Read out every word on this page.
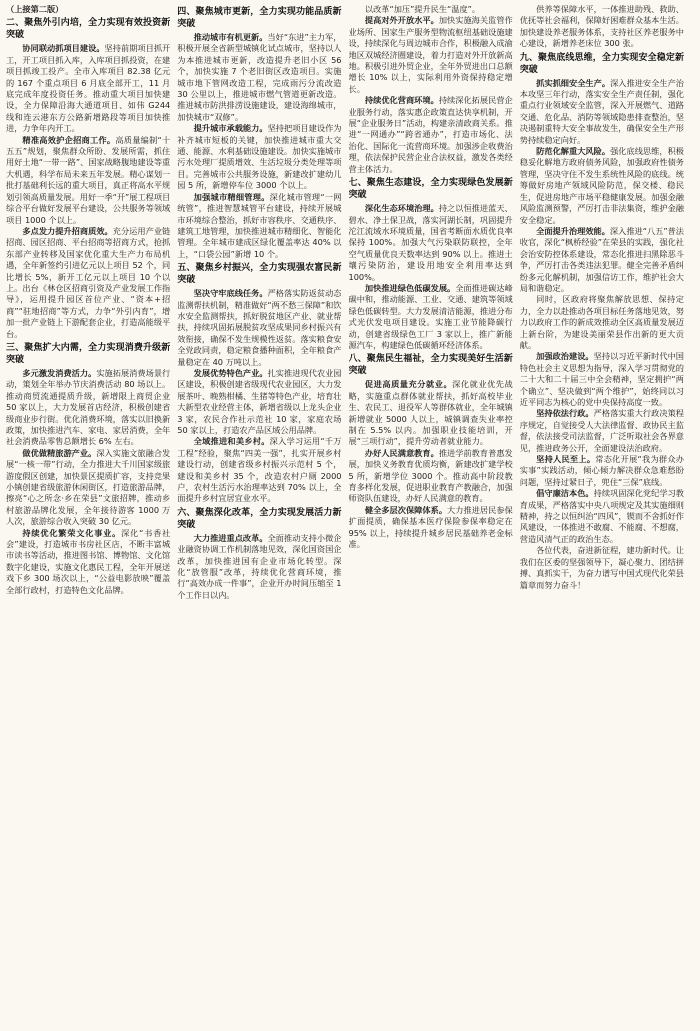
（上接第二版）
二、聚焦外引内培，全力实现有效投资新突破
协同联动抓项目建设。坚持前期项目抓开工，开工项目抓入库，入库项目抓投资，在建项目抓竣工投产。全市入库项目 82.38 亿元的 167 个重点项目 6 月底全部开工，11 月底完成年度投资任务。推动重大项目加快建设，全力保障沿海大通道项目、如伟 G244 线和连云港东方公路新增路段等项目加快推进，力争年内开工。
精准高效护企招商工作。高质量编制“十五五”规划，聚焦群众所盼、发展所需，抓住用好土地“一带一路”、国家战略腹地建设等重大机遇，科学布局未来五年发展。精心谋划一批打基础利长远的重大项目，真正将高水平规划引领高质量发展。用好一季“开”展工程项目综合平台做好发展平台建设，公共服务等领域项目 1000 个以上。
多点发力提升招商质效。充分运用产业链招商、园区招商、平台招商等招商方式，抢抓东部产业转移及国家优化重大生产力布局机遇，全年新签约引进亿元以上项目 52 个，同比增长 5%，新开工亿元以上项目 10 个以上。出台《林仓区招商引资及产业发展工作指导》，运用提升园区首位产业、“资本+招商”“驻地招商”等方式，力争“外引内育”，增加一批产业链上下游配套企业，打造高能级平台。
三、聚焦扩大内需，全力实现消费升级新突破
多元激发消费活力。实施拓展消费场景行动，策划全年举办节庆消费活动 80 场以上。推动商贸流通提质升级，新增限上商贸企业 50 家以上，大力发展首店经济，积极创建省级商业步行街。优化消费环境，落实以旧换新政策，加快推进汽车、家电、家居消费，全年社会消费品零售总额增长 6% 左右。
做优做精旅游产业。深入实施文旅融合发展“一核一带”行动，全力推进大千川国家级旅游度假区创建，加快景区提质扩容，支持竞果小镇创建省级旅游休闲街区，打造旅游品牌，擦亮“心之所念·乡在荣县”文旅招牌，推动乡村旅游品牌化发展，全年接待游客 1000 万人次，旅游综合收入突破 30 亿元。
持续优化繁荣文化事业。深化“书香社会”建设，打造城市书房社区店，不断丰富城市读书等活动，推进图书馆、博物馆、文化馆数字化建设，实施文化惠民工程，全年开展送戏下乡 300 场次以上，“公益电影放映”覆盖全部行政村，打造特色文化品牌。
四、聚焦城市更新，全力实现功能品质新突破
推动城市有机更新。当好“东进”主力军，积极开展全省新型城镇化试点城市，坚持以人为本推进城市更新，改造提升老旧小区 56 个，加快实施 7 个老旧街区改造项目。实施城市地下管网改造工程，完成雨污分流改造 30 公里以上，推进城市燃气管道更新改造。推进城市防洪排涝设施建设，建设海绵城市，加快城市“双修”。
提升城市承载能力。坚持把项目建设作为补齐城市短板的关键，加快推进城市重大交通、能源、水利基础设施建设。加快实施城市污水处理厂提质增效、生活垃圾分类处理等项目。完善城市公共服务设施，新建改扩建幼儿园 5 所，新增停车位 3000 个以上。
加强城市精细管理。深化城市管理“一网统管”，推进智慧城管平台建设，持续开展城市环境综合整治，抓好市容秩序、交通秩序、建筑工地管理，加快推进城市精细化、智能化管理。全年城市建成区绿化覆盖率达 40% 以上，“口袋公园”新增 10 个。
五、聚焦乡村振兴，全力实现强农富民新突破
坚决守牢底线任务。严格落实防返贫动态监测帮扶机制，精准做好“两不愁三保障”和饮水安全监测帮扶，抓好脱贫地区产业、就业帮扶，持续巩固拓展脱贫攻坚成果同乡村振兴有效衔接，确保不发生规模性返贫。落实粮食安全党政同责，稳定粮食播种面积，全年粮食产量稳定在 40 万吨以上。
发展优势特色产业。扎实推进现代农业园区建设，积极创建省级现代农业园区，大力发展茶叶、晚熟柑橘、生猪等特色产业，培育壮大新型农业经营主体，新增省级以上龙头企业 3 家，农民合作社示范社 10 家，家庭农场 50 家以上，打造农产品区域公用品牌。
全域推进和美乡村。深入学习运用“千万工程”经验，聚焦“四美一强”，扎实开展乡村建设行动，创建省级乡村振兴示范村 5 个，建设和美乡村 35 个，改造农村户厕 2000 户，农村生活污水治理率达到 70% 以上，全面提升乡村宜居宜业水平。
六、聚焦深化改革，全力实现发展活力新突破
大力推进重点改革。全面推动支持小微企业融资协调工作机制落地见效，深化国资国企改革，加快推进国有企业市场化转型。深化“放管服”改革，持续优化营商环境，推行“高效办成一件事”，企业开办时间压缩至 1 个工作日以内。
以改革“加压”提升民生“温度”。
提高对外开放水平。加快实施海关监管作业场所、国家生产服务型物流枢纽基础设施建设，持续深化与周边城市合作，积极融入成渝地区双城经济圈建设，着力打造对外开放新高地。积极引进外贸企业，全年外贸进出口总额增长 10% 以上，实际利用外资保持稳定增长。
持续优化营商环境。持续深化拓展民营企业服务行动，落实惠企政策直达快享机制，开展“企业服务日”活动，构建亲清政商关系。推进“一网通办”“跨省通办”，打造市场化、法治化、国际化一流营商环境。加强涉企收费治理，依法保护民营企业合法权益，激发各类经营主体活力。
七、聚焦生态建设，全力实现绿色发展新突破
深化生态环境治理。持之以恒推进蓝天、碧水、净土保卫战，落实河湖长制，巩固提升沱江流域水环境质量，国省考断面水质优良率保持 100%。加强大气污染联防联控，全年空气质量优良天数率达到 90% 以上。推进土壤污染防治，建设用地安全利用率达到 100%。
加快推进绿色低碳发展。全面推进碳达峰碳中和，推动能源、工业、交通、建筑等领域绿色低碳转型。大力发展清洁能源，推进分布式光伏发电项目建设。实施工业节能降碳行动，创建省级绿色工厂 3 家以上，推广新能源汽车，构建绿色低碳循环经济体系。
八、聚焦民生福祉，全力实现美好生活新突破
促进高质量充分就业。深化就业优先战略，实施重点群体就业帮扶，抓好高校毕业生、农民工、退役军人等群体就业，全年城镇新增就业 5000 人以上，城镇调查失业率控制在 5.5% 以内。加强职业技能培训，开展“三项行动”，提升劳动者就业能力。
办好人民满意教育。推进学前教育普惠发展，加快义务教育优质均衡，新建改扩建学校 5 所，新增学位 3000 个。推动高中阶段教育多样化发展，促进职业教育产教融合，加强师资队伍建设，办好人民满意的教育。
健全多层次保障体系。大力推进居民参保扩面提质，确保基本医疗保险参保率稳定在 95% 以上，持续提升城乡居民基础养老金标准。
供养等保障水平，一体推进助残、救助、优抚等社会福利，保障好困难群众基本生活。加快建设养老服务体系，支持社区养老服务中心建设，新增养老床位 300 张。
九、聚焦底线思维，全力实现安全稳定新突破
抓实抓细安全生产。深入推进安全生产治本攻坚三年行动，落实安全生产责任制，强化重点行业领域安全监管，深入开展燃气、道路交通、危化品、消防等领域隐患排查整治，坚决遏制重特大安全事故发生，确保安全生产形势持续稳定向好。
防范化解重大风险。强化底线思维，积极稳妥化解地方政府债务风险，加强政府性债务管理，坚决守住不发生系统性风险的底线。统筹做好房地产领域风险防范，保交楼、稳民生，促进房地产市场平稳健康发展。加强金融风险监测预警，严厉打击非法集资，维护金融安全稳定。
全面提升治理效能。深入推进“八五”普法收官，深化“枫桥经验”在荣县的实践，强化社会治安防控体系建设，常态化推进扫黑除恶斗争，严厉打击各类违法犯罪。健全完善矛盾纠纷多元化解机制，加强信访工作，维护社会大局和谐稳定。
同时，区政府将聚焦解放思想、保持定力，全力以赴推动各项目标任务落地见效，努力以政府工作的新成效推动全区高质量发展迈上新台阶，为建设美丽荣县作出新的更大贡献。
加强政治建设。坚持以习近平新时代中国特色社会主义思想为指导，深入学习贯彻党的二十大和二十届三中全会精神，坚定拥护“两个确立”、坚决做到“两个维护”，始终同以习近平同志为核心的党中央保持高度一致。
坚持依法行政。严格落实重大行政决策程序规定，自觉接受人大法律监督、政协民主监督，依法接受司法监督，广泛听取社会各界意见，推进政务公开，全面建设法治政府。
坚持人民至上。常态化开展“我为群众办实事”实践活动，倾心倾力解决群众急难愁盼问题，坚持过紧日子，兜住“三保”底线。
倡守廉洁本色。持续巩固深化党纪学习教育成果，严格落实中央八项规定及其实施细则精神，持之以恒纠治“四风”，锲而不舍抓好作风建设，一体推进不敢腐、不能腐、不想腐，营造风清气正的政治生态。
各位代表，奋进新征程，建功新时代。让我们在区委的坚强领导下，凝心聚力、团结拼搏、真抓实干，为奋力谱写中国式现代化荣县篇章而努力奋斗！
